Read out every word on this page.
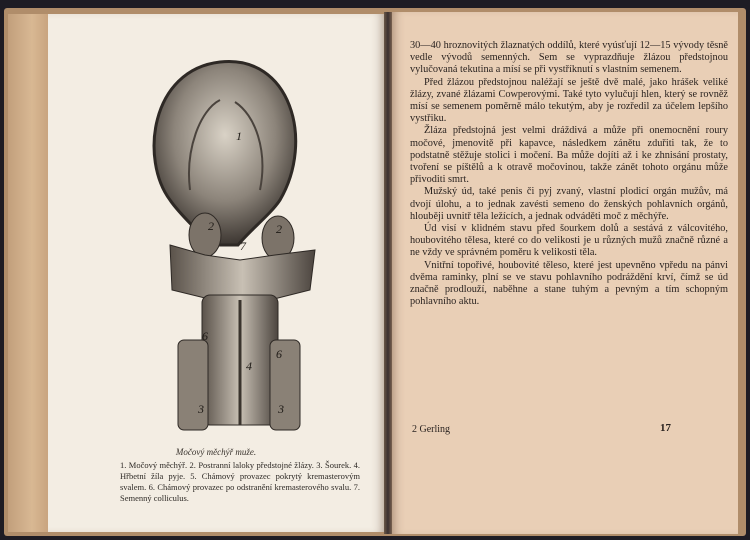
1
2	2
7
6
6
4
3	3
Močový měchýř muže.
1. Močový měchýř. 2. Postranní laloky předstojné žlázy. 3. Šourek. 4. Hřbetní žíla pyje. 5. Chámový provazec pokrytý kremasterovým svalem. 6. Chámový provazec po odstranění kremasterového svalu. 7. Semenný colliculus.

30—40 hroznovitých žlaznatých oddílů, které vyúsťují 12—15 vývody těsně vedle vývodů semenných. Sem se vyprazdňuje žlázou předstojnou vylučovaná tekutina a mísí se při vystříknutí s vlastním semenem.

Před žlázou předstojnou naléžají se ještě dvě malé, jako hrášek veliké žlázy, zvané žlázami Cowperovými. Také tyto vylučují hlen, který se rovněž mísí se semenem poměrně málo tekutým, aby je rozředil za účelem lepšího vystřiku.

Žláza předstojná jest velmi dráždivá a může při onemocnění roury močové, jmenovitě při kapavce, následkem zánětu zduřiti tak, že to podstatně stěžuje stolici i močení. Ba může dojíti až i ke zhnisání prostaty, tvoření se píštělů a k otravě močovinou, takže zánět tohoto orgánu může přivoditi smrt.

Mužský úd, také penis či pyj zvaný, vlastní plodicí orgán mužův, má dvojí úlohu, a to jednak zavésti semeno do ženských pohlavních orgánů, hlouběji uvnitř těla ležících, a jednak odváděti moč z měchýře.

Úd visí v klidném stavu před šourkem dolů a sestává z válcovitého, houbovitého tělesa, které co do velikosti je u různých mužů značně různé a ne vždy ve správném poměru k velikosti těla.

Vnitřní topořivé, houbovité těleso, které jest upevněno vpředu na pánvi dvěma raminky, plní se ve stavu pohlavního podráždění krví, čímž se úd značně prodlouží, naběhne a stane tuhým a pevným a tím schopným pohlavního aktu.

2 Gerling	17
